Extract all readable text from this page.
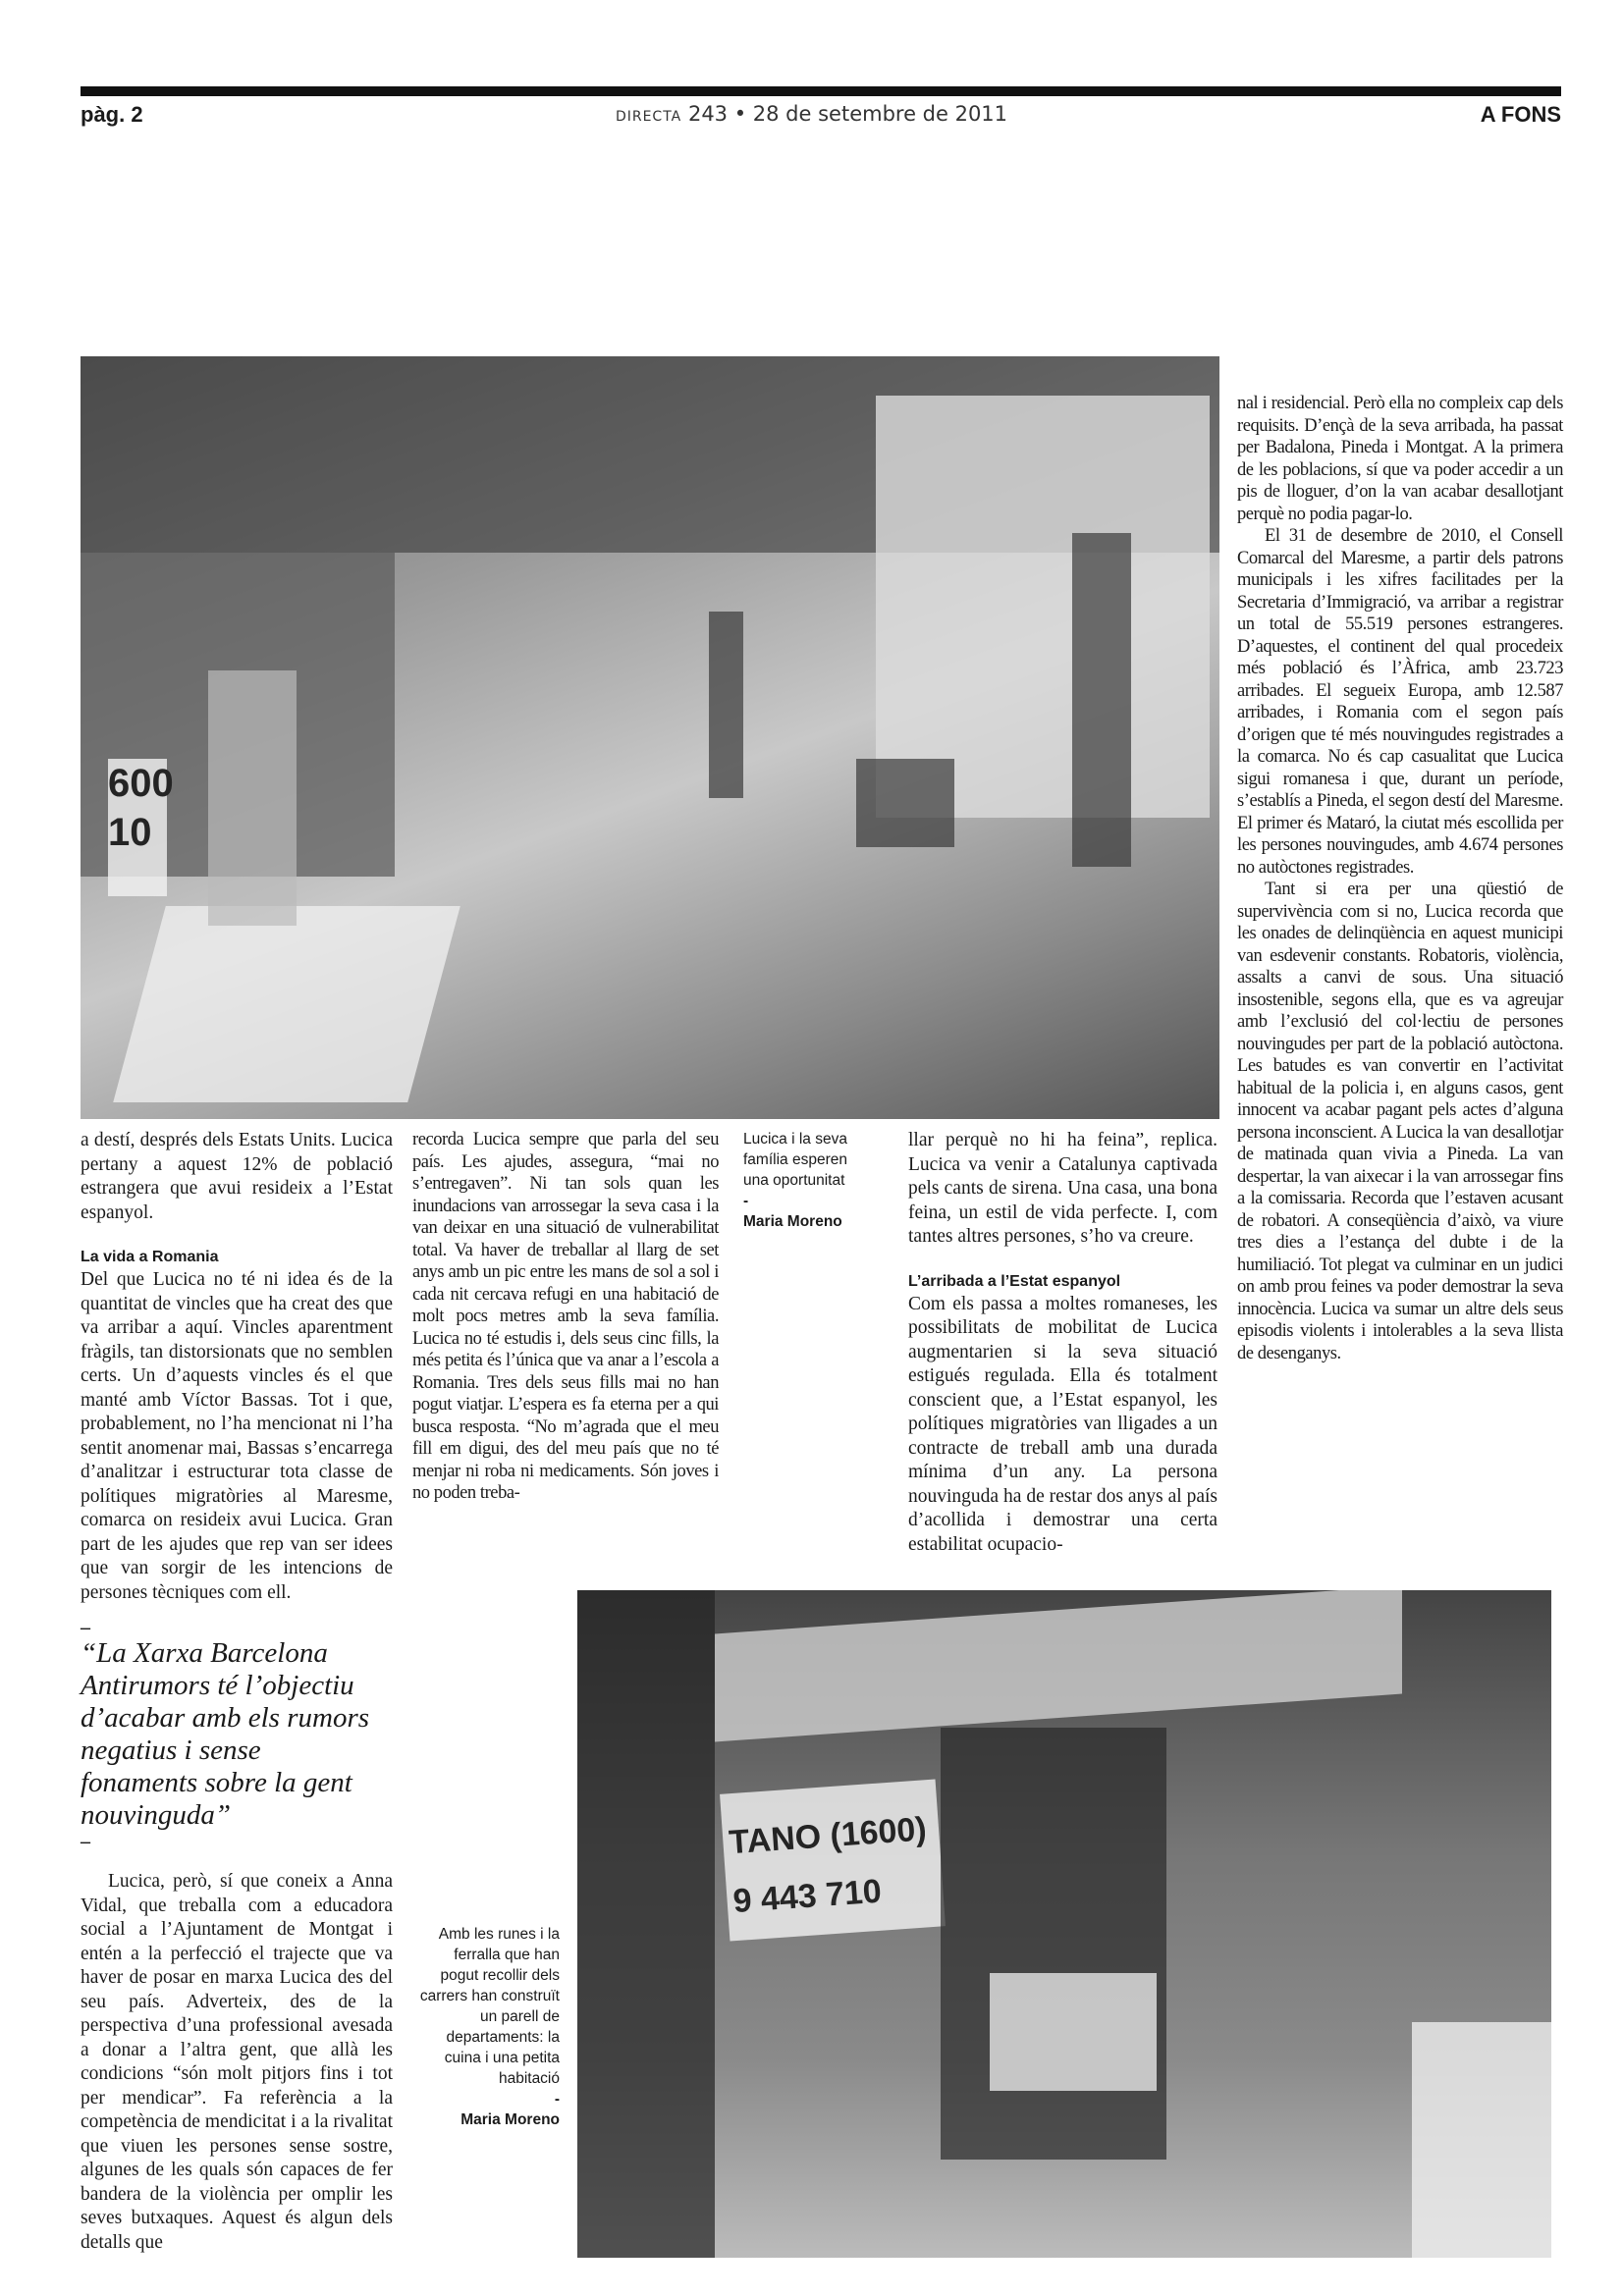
pàg. 2	DIRECTA 243 • 28 de setembre de 2011	A FONS
600
10

a destí, després dels Estats Units. Lucica pertany a aquest 12% de població estrangera que avui resideix a l’Estat espanyol.

La vida a Romania

Del que Lucica no té ni idea és de la quantitat de vincles que ha creat des que va arribar a aquí. Vincles aparentment fràgils, tan distorsionats que no semblen certs. Un d’aquests vincles és el que manté amb Víctor Bassas. Tot i que, probablement, no l’ha mencionat ni l’ha sentit anomenar mai, Bassas s’encarrega d’analitzar i estructurar tota classe de polítiques migratòries al Maresme, comarca on resideix avui Lucica. Gran part de les ajudes que rep van ser idees que van sorgir de les intencions de persones tècniques com ell.

recorda Lucica sempre que parla del seu país. Les ajudes, assegura, “mai no s’entregaven”. Ni tan sols quan les inundacions van arrossegar la seva casa i la van deixar en una situació de vulnerabilitat total. Va haver de treballar al llarg de set anys amb un pic entre les mans de sol a sol i cada nit cercava refugi en una habitació de molt pocs metres amb la seva família. Lucica no té estudis i, dels seus cinc fills, la més petita és l’única que va anar a l’escola a Romania. Tres dels seus fills mai no han pogut viatjar. L’espera es fa eterna per a qui busca resposta. “No m’agrada que el meu fill em digui, des del meu país que no té menjar ni roba ni medicaments. Són joves i no poden treba-

Lucica i la seva família esperen una oportunitat
-
Maria Moreno

llar perquè no hi ha feina”, replica. Lucica va venir a Catalunya captivada pels cants de sirena. Una casa, una bona feina, un estil de vida perfecte. I, com tantes altres persones, s’ho va creure.

L’arribada a l’Estat espanyol

Com els passa a moltes romaneses, les possibilitats de mobilitat de Lucica augmentarien si la seva situació estigués regulada. Ella és totalment conscient que, a l’Estat espanyol, les polítiques migratòries van lligades a un contracte de treball amb una durada mínima d’un any. La persona nouvinguda ha de restar dos anys al país d’acollida i demostrar una certa estabilitat ocupacio-

nal i residencial. Però ella no compleix cap dels requisits. D’ençà de la seva arribada, ha passat per Badalona, Pineda i Montgat. A la primera de les poblacions, sí que va poder accedir a un pis de lloguer, d’on la van acabar desallotjant perquè no podia pagar-lo.

El 31 de desembre de 2010, el Consell Comarcal del Maresme, a partir dels patrons municipals i les xifres facilitades per la Secretaria d’Immigració, va arribar a registrar un total de 55.519 persones estrangeres. D’aquestes, el continent del qual procedeix més població és l’Àfrica, amb 23.723 arribades. El segueix Europa, amb 12.587 arribades, i Romania com el segon país d’origen que té més nouvingudes registrades a la comarca. No és cap casualitat que Lucica sigui romanesa i que, durant un període, s’establís a Pineda, el segon destí del Maresme. El primer és Mataró, la ciutat més escollida per les persones nouvingudes, amb 4.674 persones no autòctones registrades.

Tant si era per una qüestió de supervivència com si no, Lucica recorda que les onades de delinqüència en aquest municipi van esdevenir constants. Robatoris, violència, assalts a canvi de sous. Una situació insostenible, segons ella, que es va agreujar amb l’exclusió del col·lectiu de persones nouvingudes per part de la població autòctona. Les batudes es van convertir en l’activitat habitual de la policia i, en alguns casos, gent innocent va acabar pagant pels actes d’alguna persona inconscient. A Lucica la van desallotjar de matinada quan vivia a Pineda. La van despertar, la van aixecar i la van arrossegar fins a la comissaria. Recorda que l’estaven acusant de robatori. A conseqüència d’això, va viure tres dies a l’estança del dubte i de la humiliació. Tot plegat va culminar en un judici on amb prou feines va poder demostrar la seva innocència. Lucica va sumar un altre dels seus episodis violents i intolerables a la seva llista de desenganys.

–
“La Xarxa Barcelona Antirumors té l’objectiu d’acabar amb els rumors negatius i sense fonaments sobre la gent nouvinguda”
–

Lucica, però, sí que coneix a Anna Vidal, que treballa com a educadora social a l’Ajuntament de Montgat i entén a la perfecció el trajecte que va haver de posar en marxa Lucica des del seu país. Adverteix, des de la perspectiva d’una professional avesada a donar a l’altra gent, que allà les condicions “són molt pitjors fins i tot per mendicar”. Fa referència a la competència de mendicitat i a la rivalitat que viuen les persones sense sostre, algunes de les quals són capaces de fer bandera de la violència per omplir les seves butxaques. Aquest és algun dels detalls que

Amb les runes i la ferralla que han pogut recollir dels carrers han construït un parell de departaments: la cuina i una petita habitació
-
Maria Moreno
TANO (1600)
9 443 710
